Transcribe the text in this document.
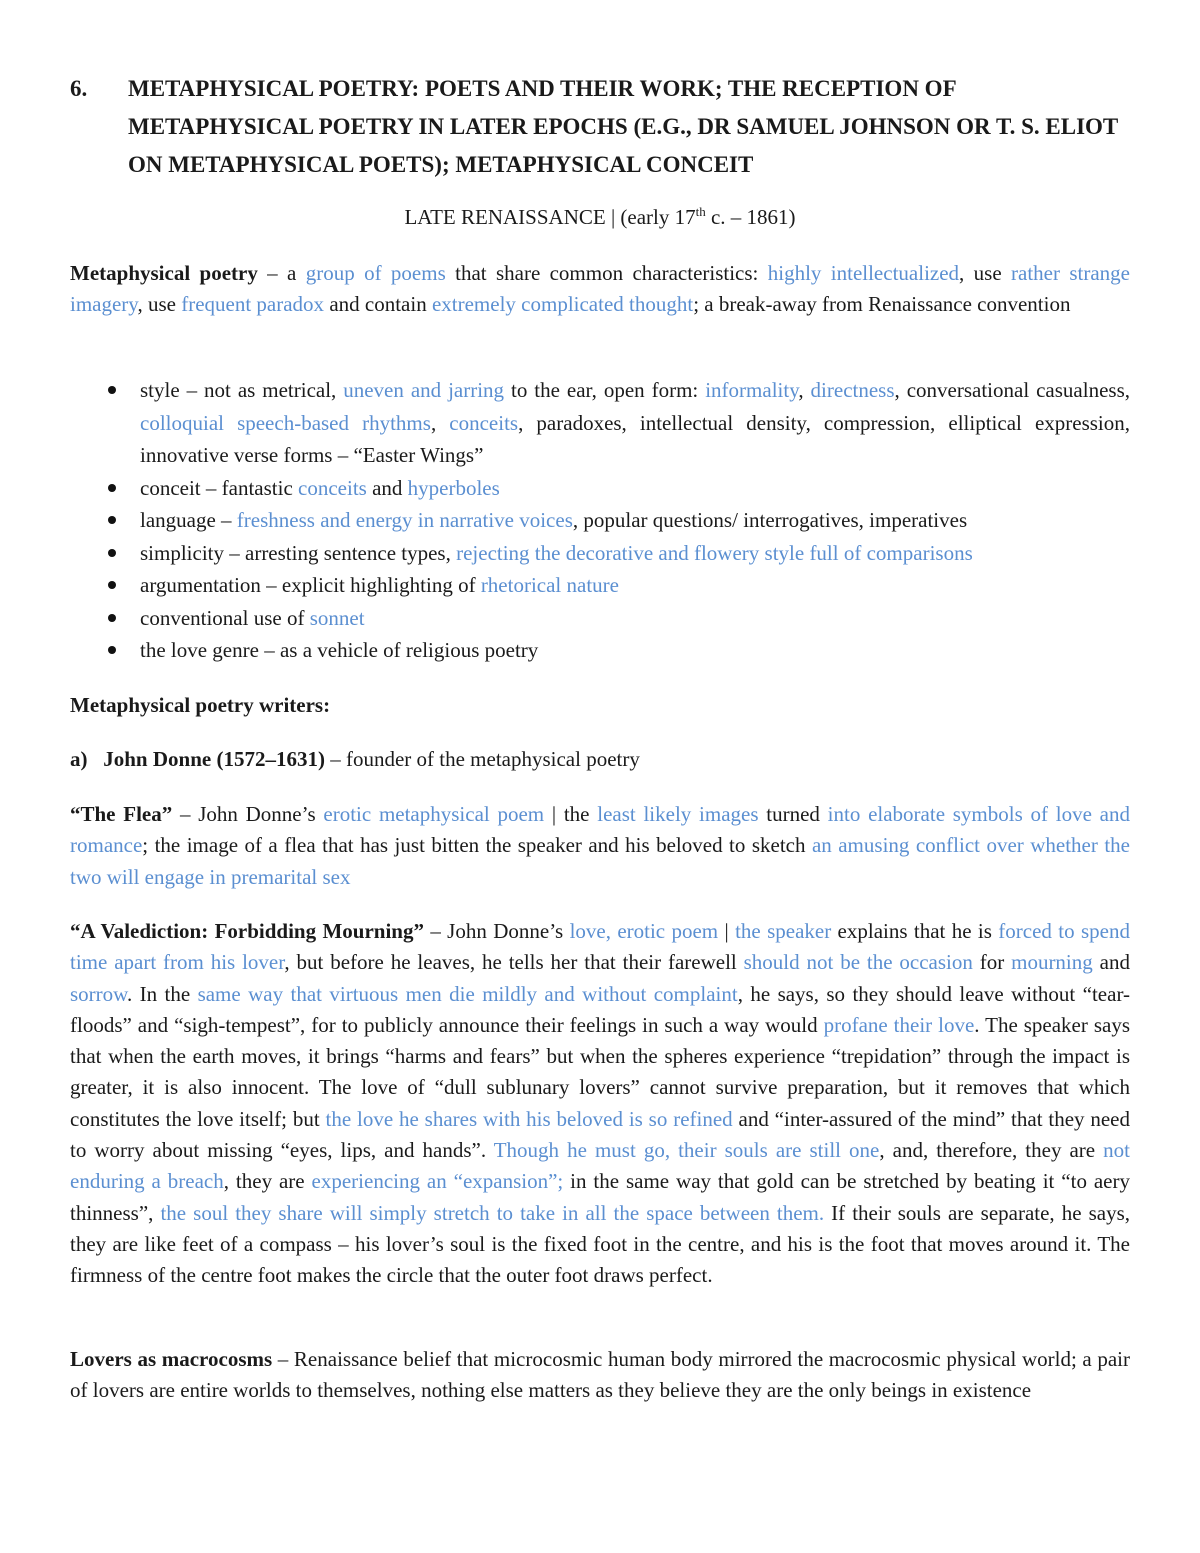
6. METAPHYSICAL POETRY: POETS AND THEIR WORK; THE RECEPTION OF METAPHYSICAL POETRY IN LATER EPOCHS (E.G., DR SAMUEL JOHNSON OR T. S. ELIOT ON METAPHYSICAL POETS); METAPHYSICAL CONCEIT
LATE RENAISSANCE | (early 17th c. – 1861)

Metaphysical poetry – a group of poems that share common characteristics: highly intellectualized, use rather strange imagery, use frequent paradox and contain extremely complicated thought; a break-away from Renaissance convention

style – not as metrical, uneven and jarring to the ear, open form: informality, directness, conversational casualness, colloquial speech-based rhythms, conceits, paradoxes, intellectual density, compression, elliptical expression, innovative verse forms – “Easter Wings”
conceit – fantastic conceits and hyperboles
language – freshness and energy in narrative voices, popular questions/ interrogatives, imperatives
simplicity – arresting sentence types, rejecting the decorative and flowery style full of comparisons
argumentation – explicit highlighting of rhetorical nature
conventional use of sonnet
the love genre – as a vehicle of religious poetry

Metaphysical poetry writers:

a) John Donne (1572–1631) – founder of the metaphysical poetry

“The Flea” – John Donne’s erotic metaphysical poem | the least likely images turned into elaborate symbols of love and romance; the image of a flea that has just bitten the speaker and his beloved to sketch an amusing conflict over whether the two will engage in premarital sex

“A Valediction: Forbidding Mourning” – John Donne’s love, erotic poem | the speaker explains that he is forced to spend time apart from his lover, but before he leaves, he tells her that their farewell should not be the occasion for mourning and sorrow. In the same way that virtuous men die mildly and without complaint, he says, so they should leave without “tear-floods” and “sigh-tempest”, for to publicly announce their feelings in such a way would profane their love. The speaker says that when the earth moves, it brings “harms and fears” but when the spheres experience “trepidation” through the impact is greater, it is also innocent. The love of “dull sublunary lovers” cannot survive preparation, but it removes that which constitutes the love itself; but the love he shares with his beloved is so refined and “inter-assured of the mind” that they need to worry about missing “eyes, lips, and hands”. Though he must go, their souls are still one, and, therefore, they are not enduring a breach, they are experiencing an “expansion”; in the same way that gold can be stretched by beating it “to aery thinness”, the soul they share will simply stretch to take in all the space between them. If their souls are separate, he says, they are like feet of a compass – his lover’s soul is the fixed foot in the centre, and his is the foot that moves around it. The firmness of the centre foot makes the circle that the outer foot draws perfect.

Lovers as macrocosms – Renaissance belief that microcosmic human body mirrored the macrocosmic physical world; a pair of lovers are entire worlds to themselves, nothing else matters as they believe they are the only beings in existence
